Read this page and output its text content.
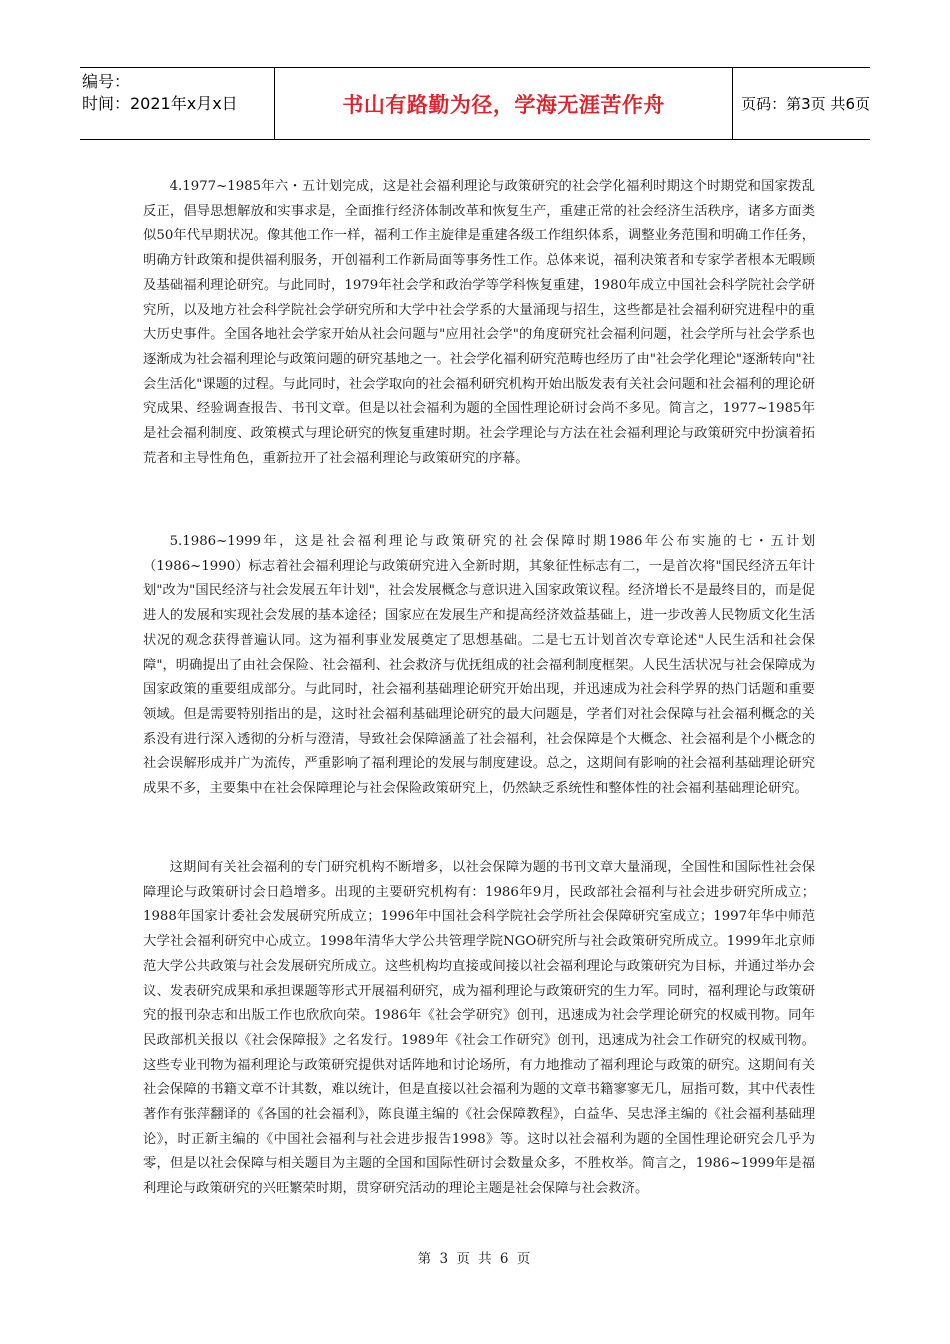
编号：
时间：2021年x月x日	书山有路勤为径，学海无涯苦作舟	页码：第3页 共6页

4.1977~1985年六・五计划完成，这是社会福利理论与政策研究的社会学化福利时期这个时期党和国家拨乱反正，倡导思想解放和实事求是，全面推行经济体制改革和恢复生产，重建正常的社会经济生活秩序，诸多方面类似50年代早期状况。像其他工作一样，福利工作主旋律是重建各级工作组织体系，调整业务范围和明确工作任务，明确方针政策和提供福利服务，开创福利工作新局面等事务性工作。总体来说，福利决策者和专家学者根本无暇顾及基础福利理论研究。与此同时，1979年社会学和政治学等学科恢复重建，1980年成立中国社会科学院社会学研究所，以及地方社会科学院社会学研究所和大学中社会学系的大量涌现与招生，这些都是社会福利研究进程中的重大历史事件。全国各地社会学家开始从社会问题与"应用社会学"的角度研究社会福利问题，社会学所与社会学系也逐渐成为社会福利理论与政策问题的研究基地之一。社会学化福利研究范畴也经历了由"社会学化理论"逐渐转向"社会生活化"课题的过程。与此同时，社会学取向的社会福利研究机构开始出版发表有关社会问题和社会福利的理论研究成果、经验调查报告、书刊文章。但是以社会福利为题的全国性理论研讨会尚不多见。简言之，1977~1985年是社会福利制度、政策模式与理论研究的恢复重建时期。社会学理论与方法在社会福利理论与政策研究中扮演着拓荒者和主导性角色，重新拉开了社会福利理论与政策研究的序幕。

5.1986~1999年，这是社会福利理论与政策研究的社会保障时期1986年公布实施的七・五计划（1986~1990）标志着社会福利理论与政策研究进入全新时期，其象征性标志有二，一是首次将"国民经济五年计划"改为"国民经济与社会发展五年计划"，社会发展概念与意识进入国家政策议程。经济增长不是最终目的，而是促进人的发展和实现社会发展的基本途径；国家应在发展生产和提高经济效益基础上，进一步改善人民物质文化生活状况的观念获得普遍认同。这为福利事业发展奠定了思想基础。二是七五计划首次专章论述"人民生活和社会保障"，明确提出了由社会保险、社会福利、社会救济与优抚组成的社会福利制度框架。人民生活状况与社会保障成为国家政策的重要组成部分。与此同时，社会福利基础理论研究开始出现，并迅速成为社会科学界的热门话题和重要领域。但是需要特别指出的是，这时社会福利基础理论研究的最大问题是，学者们对社会保障与社会福利概念的关系没有进行深入透彻的分析与澄清，导致社会保障涵盖了社会福利，社会保障是个大概念、社会福利是个小概念的社会误解形成并广为流传，严重影响了福利理论的发展与制度建设。总之，这期间有影响的社会福利基础理论研究成果不多，主要集中在社会保障理论与社会保险政策研究上，仍然缺乏系统性和整体性的社会福利基础理论研究。

这期间有关社会福利的专门研究机构不断增多，以社会保障为题的书刊文章大量涌现，全国性和国际性社会保障理论与政策研讨会日趋增多。出现的主要研究机构有：1986年9月，民政部社会福利与社会进步研究所成立；1988年国家计委社会发展研究所成立；1996年中国社会科学院社会学所社会保障研究室成立；1997年华中师范大学社会福利研究中心成立。1998年清华大学公共管理学院NGO研究所与社会政策研究所成立。1999年北京师范大学公共政策与社会发展研究所成立。这些机构均直接或间接以社会福利理论与政策研究为目标，并通过举办会议、发表研究成果和承担课题等形式开展福利研究，成为福利理论与政策研究的生力军。同时，福利理论与政策研究的报刊杂志和出版工作也欣欣向荣。1986年《社会学研究》创刊，迅速成为社会学理论研究的权威刊物。同年民政部机关报以《社会保障报》之名发行。1989年《社会工作研究》创刊，迅速成为社会工作研究的权威刊物。这些专业刊物为福利理论与政策研究提供对话阵地和讨论场所，有力地推动了福利理论与政策的研究。这期间有关社会保障的书籍文章不计其数，难以统计，但是直接以社会福利为题的文章书籍寥寥无几，屈指可数，其中代表性著作有张萍翻译的《各国的社会福利》，陈良谨主编的《社会保障教程》，白益华、吴忠泽主编的《社会福利基础理论》，时正新主编的《中国社会福利与社会进步报告1998》等。这时以社会福利为题的全国性理论研究会几乎为零，但是以社会保障与相关题目为主题的全国和国际性研讨会数量众多，不胜枚举。简言之，1986~1999年是福利理论与政策研究的兴旺繁荣时期，贯穿研究活动的理论主题是社会保障与社会救济。

第 3 页 共 6 页
